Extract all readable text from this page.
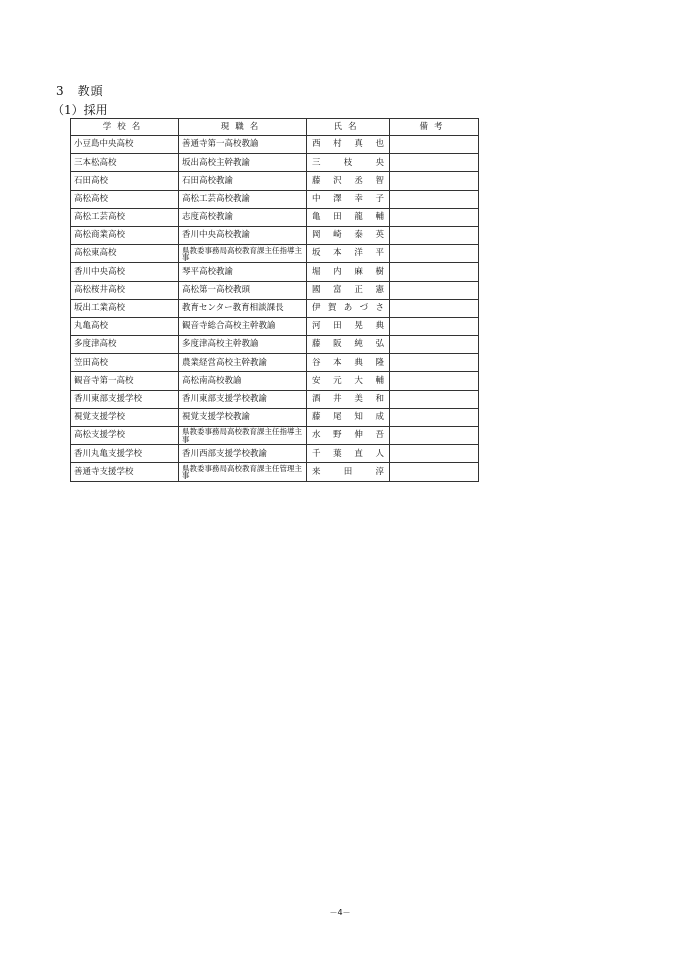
3　教頭
（1）採用
学校名	現職名	氏名	備考
小豆島中央高校	善通寺第一高校教諭	西 村 真 也	

三本松高校	坂出高校主幹教諭	三 枝 央	

石田高校	石田高校教諭	藤 沢 丞 智	

高松高校	高松工芸高校教諭	中 澤 幸 子	

高松工芸高校	志度高校教諭	亀 田 龍 輔	

高松商業高校	香川中央高校教諭	岡 崎 泰 英	

高松東高校	県教委事務局高校教育課主任指導主事	坂 本 洋 平	

香川中央高校	琴平高校教諭	堀 内 麻 樹	

高松桜井高校	高松第一高校教頭	國 富 正 憲	

坂出工業高校	教育センター教育相談課長	伊 賀 あ づ さ	

丸亀高校	観音寺総合高校主幹教諭	河 田 晃 典	

多度津高校	多度津高校主幹教諭	藤 阪 純 弘	

笠田高校	農業経営高校主幹教諭	谷 本 典 隆	

観音寺第一高校	高松南高校教諭	安 元 大 輔	

香川東部支援学校	香川東部支援学校教諭	酒 井 美 和	

視覚支援学校	視覚支援学校教諭	藤 尾 知 成	

高松支援学校	県教委事務局高校教育課主任指導主事	水 野 伸 吾	

香川丸亀支援学校	香川西部支援学校教諭	千 葉 直 人	

善通寺支援学校	県教委事務局高校教育課主任管理主事	来 田 淳	

－4－
